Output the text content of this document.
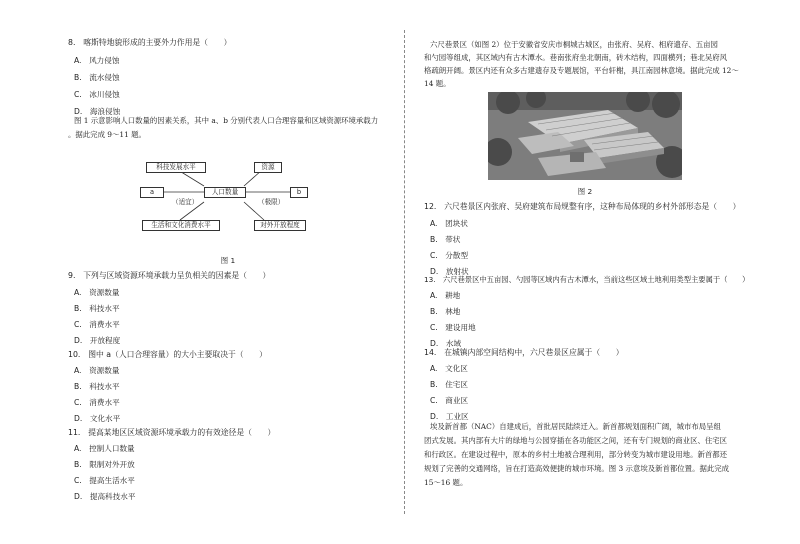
8.　喀斯特地貌形成的主要外力作用是（　　）
A.　风力侵蚀
B.　流水侵蚀
C.　冰川侵蚀
D.　海浪侵蚀
图 1 示意影响人口数量的因素关系，其中 a、b 分别代表人口合理容量和区域资源环境承载力
。据此完成 9～11 题。
科技发展水平
生活和文化消费水平
资源
对外开放程度
人口数量
a	b
（适宜）	（极限）
图 1
9.　下列与区域资源环境承载力呈负相关的因素是（　　）
A.　资源数量
B.　科技水平
C.　消费水平
D.　开放程度
10.　图中 a（人口合理容量）的大小主要取决于（　　）
A.　资源数量
B.　科技水平
C.　消费水平
D.　文化水平
11.　提高某地区区域资源环境承载力的有效途径是（　　）
A.　控制人口数量
B.　限制对外开放
C.　提高生活水平
D.　提高科技水平
六尺巷景区（如图 2）位于安徽省安庆市桐城古城区，由张府、吴府、相府遗存、五亩园
和勺园等组成，其区域内有古木潭水。巷南张府坐北朝南，砖木结构，四面横列；巷北吴府风
格疏朗开阔。景区内还有众多古建遗存及专题展馆，平台轩榭，具江南园林意境。据此完成 12～
14 题。
图 2
12.　六尺巷景区内张府、吴府建筑布局规整有序，这种布局体现的乡村外部形态是（　　）
A.　团块状
B.　带状
C.　分散型
D.　放射状
13.　六尺巷景区中五亩园、勺园等区域内有古木潭水，当前这些区域土地利用类型主要属于（　　）
A.　耕地
B.　林地
C.　建设用地
D.　水域
14.　在城镇内部空间结构中，六尺巷景区应属于（　　）
A.　文化区
B.　住宅区
C.　商业区
D.　工业区
埃及新首都（NAC）自建成后，首批居民陆续迁入。新首都规划面积广阔，城市布局呈组
团式发展。其内部有大片的绿地与公园穿插在各功能区之间，还有专门规划的商业区、住宅区
和行政区。在建设过程中，原本的乡村土地被合理利用，部分转变为城市建设用地。新首都还
规划了完善的交通网络，旨在打造高效便捷的城市环境。图 3 示意埃及新首都位置。据此完成
15～16 题。
